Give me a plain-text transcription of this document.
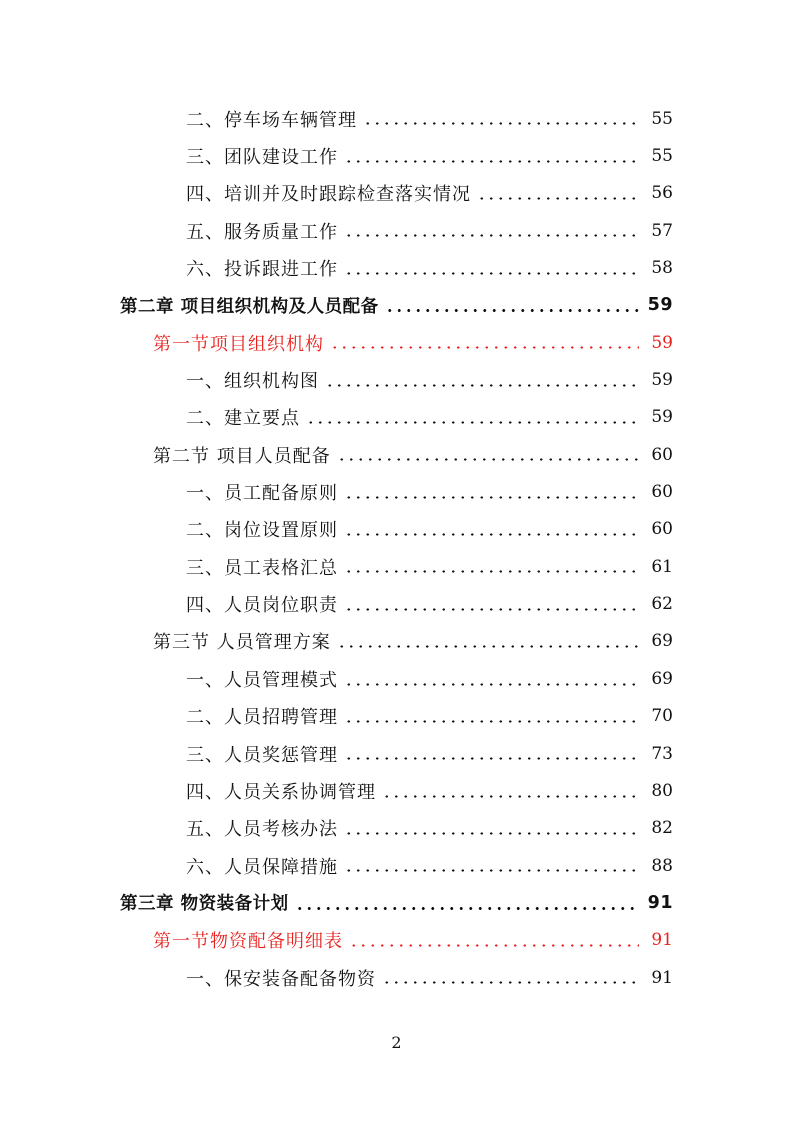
二、停车场车辆管理	55
三、团队建设工作	55
四、培训并及时跟踪检查落实情况	56
五、服务质量工作	57
六、投诉跟进工作	58
第二章 项目组织机构及人员配备	59
第一节项目组织机构	59
一、组织机构图	59
二、建立要点	59
第二节 项目人员配备	60
一、员工配备原则	60
二、岗位设置原则	60
三、员工表格汇总	61
四、人员岗位职责	62
第三节 人员管理方案	69
一、人员管理模式	69
二、人员招聘管理	70
三、人员奖惩管理	73
四、人员关系协调管理	80
五、人员考核办法	82
六、人员保障措施	88
第三章 物资装备计划	91
第一节物资配备明细表	91
一、保安装备配备物资	91
2
